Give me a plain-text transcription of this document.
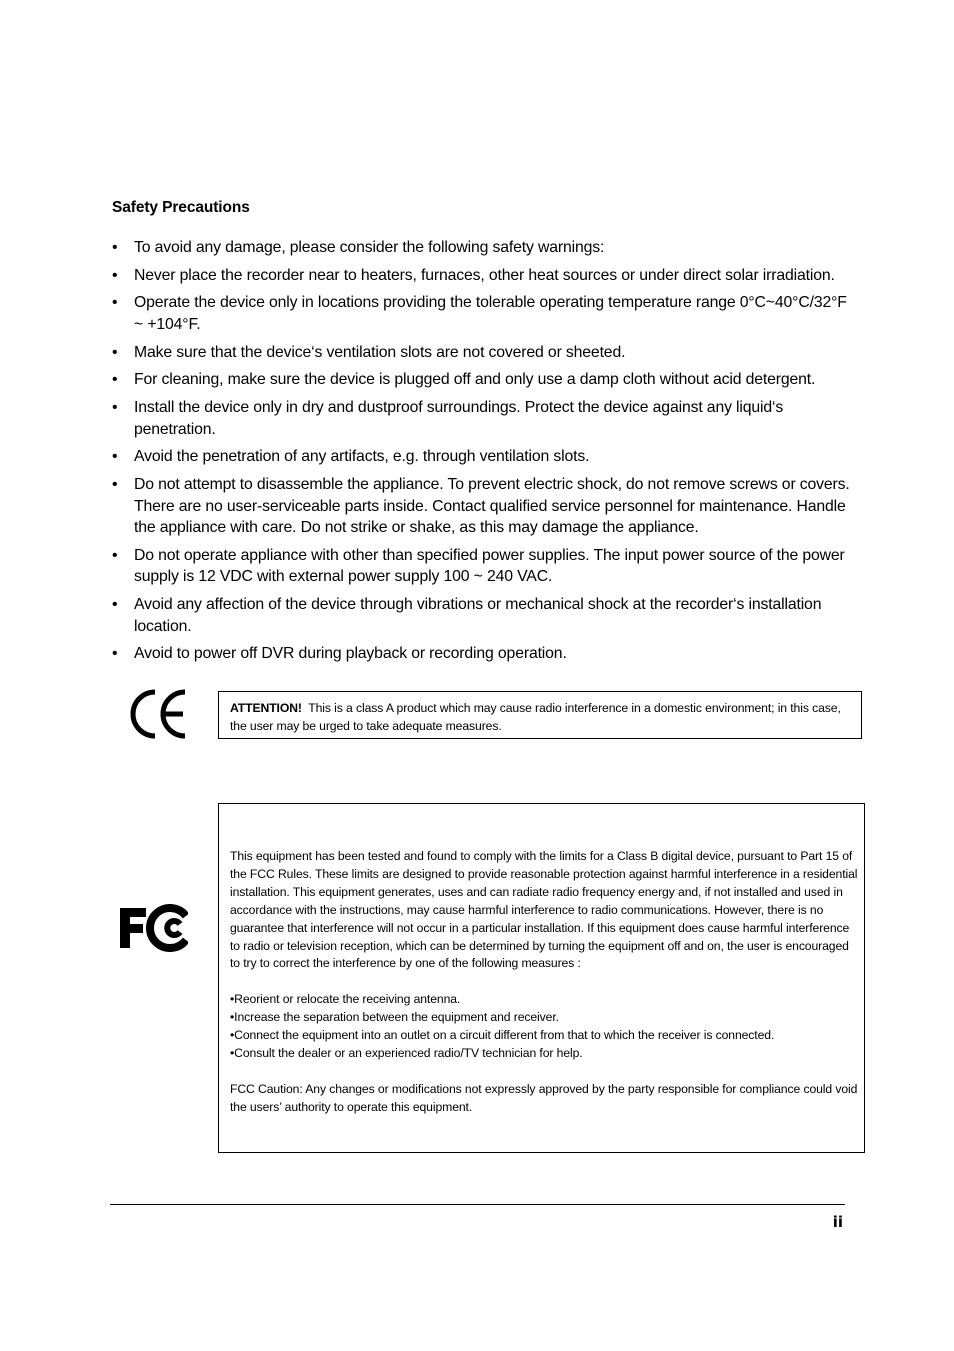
Safety Precautions
• To avoid any damage, please consider the following safety warnings:
• Never place the recorder near to heaters, furnaces, other heat sources or under direct solar irradiation.
• Operate the device only in locations providing the tolerable operating temperature range 0°C~40°C/32°F ~ +104°F.
• Make sure that the device‘s ventilation slots are not covered or sheeted.
• For cleaning, make sure the device is plugged off and only use a damp cloth without acid detergent.
• Install the device only in dry and dustproof surroundings. Protect the device against any liquid‘s penetration.
• Avoid the penetration of any artifacts, e.g. through ventilation slots.
• Do not attempt to disassemble the appliance. To prevent electric shock, do not remove screws or covers. There are no user-serviceable parts inside. Contact qualified service personnel for maintenance. Handle the appliance with care. Do not strike or shake, as this may damage the appliance.
• Do not operate appliance with other than specified power supplies. The input power source of the power supply is 12 VDC with external power supply 100 ~ 240 VAC.
• Avoid any affection of the device through vibrations or mechanical shock at the recorder‘s installation location.
• Avoid to power off DVR during playback or recording operation.
ATTENTION! This is a class A product which may cause radio interference in a domestic environment; in this case, the user may be urged to take adequate measures.

This equipment has been tested and found to comply with the limits for a Class B digital device, pursuant to Part 15 of the FCC Rules. These limits are designed to provide reasonable protection against harmful interference in a residential installation. This equipment generates, uses and can radiate radio frequency energy and, if not installed and used in accordance with the instructions, may cause harmful interference to radio communications. However, there is no guarantee that interference will not occur in a particular installation. If this equipment does cause harmful interference to radio or television reception, which can be determined by turning the equipment off and on, the user is encouraged to try to correct the interference by one of the following measures :

•Reorient or relocate the receiving antenna.

•Increase the separation between the equipment and receiver.

•Connect the equipment into an outlet on a circuit different from that to which the receiver is connected.

•Consult the dealer or an experienced radio/TV technician for help.

FCC Caution: Any changes or modifications not expressly approved by the party responsible for compliance could void the users’ authority to operate this equipment.

ii
